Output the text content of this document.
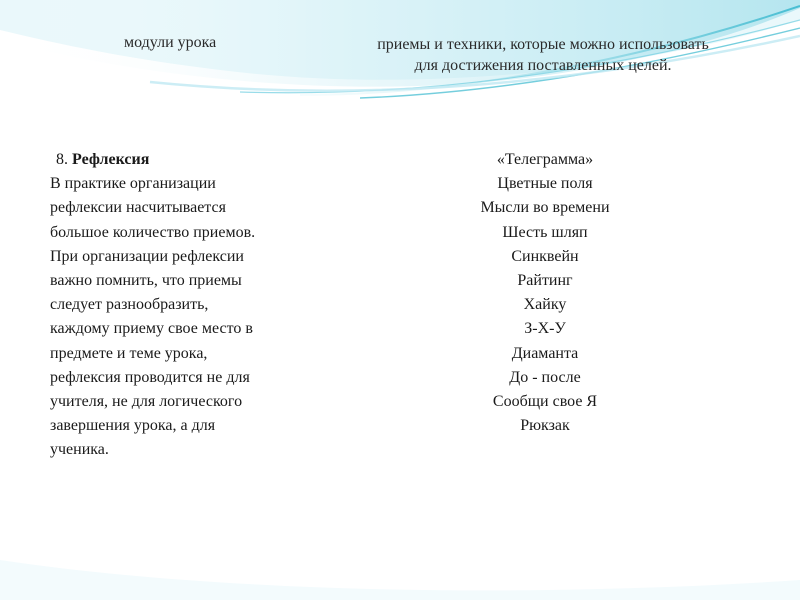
модули урока	приемы и техники, которые можно использовать
для достижения поставленных целей.
8. Рефлексия
В практике организации
рефлексии насчитывается
большое количество приемов.
При организации рефлексии
важно помнить, что приемы
следует разнообразить,
каждому приему свое место в
предмете и теме урока,
рефлексия проводится не для
учителя, не для логического
завершения урока, а для
ученика.
«Телеграмма»
Цветные поля
Мысли во времени
Шесть шляп
Синквейн
Райтинг
Хайку
З-Х-У
Диаманта
До - после
Сообщи свое Я
Рюкзак
